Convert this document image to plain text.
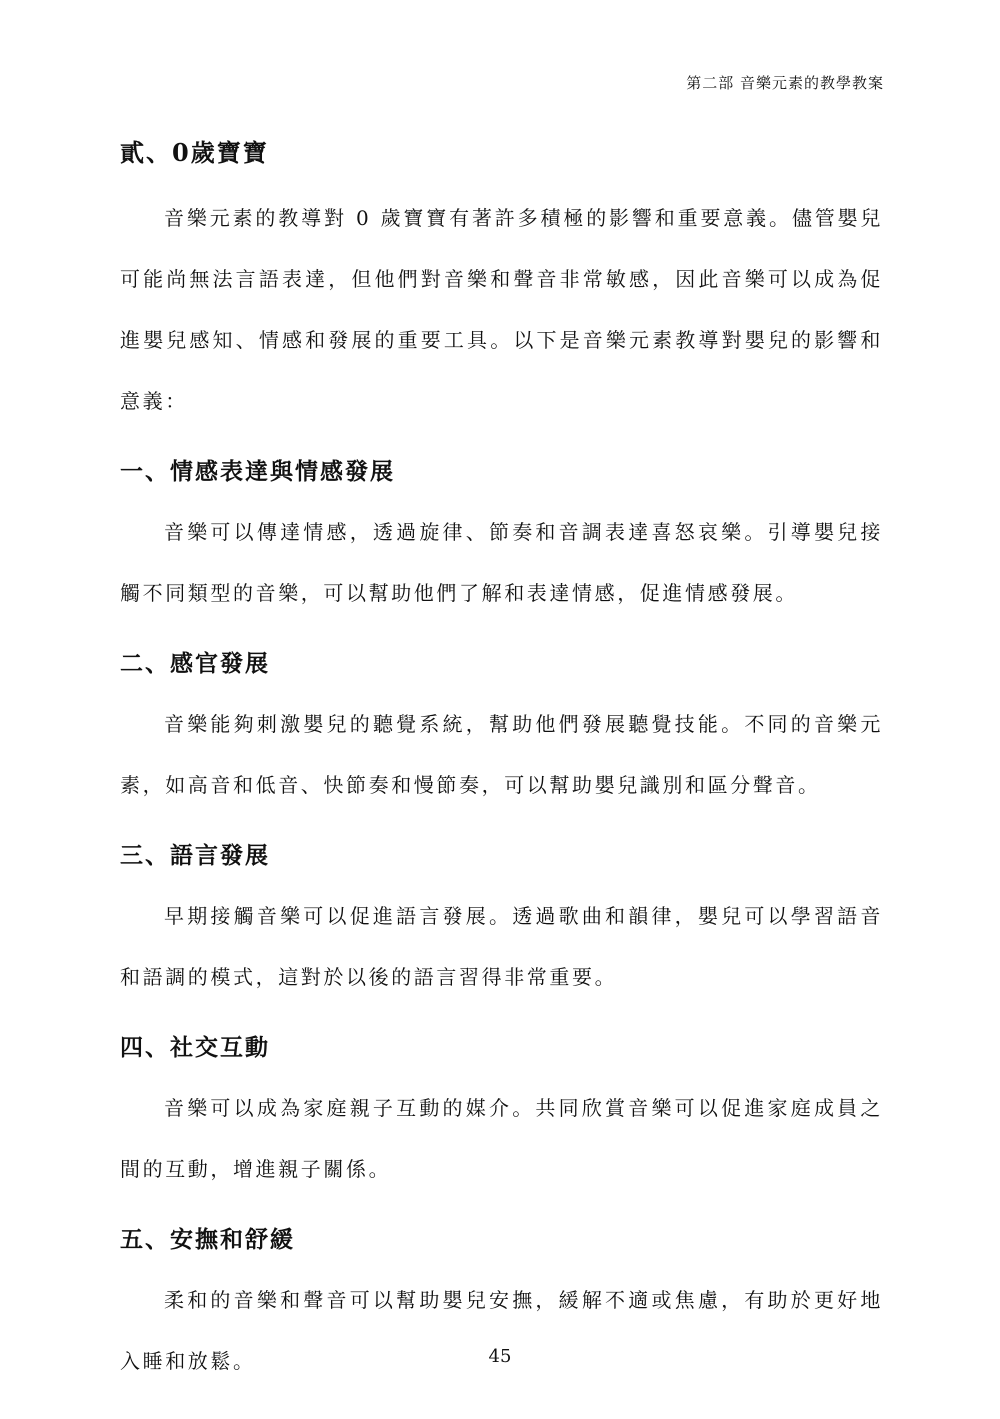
第二部 音樂元素的教學教案
貳、0歲寶寶

音樂元素的教導對 0 歲寶寶有著許多積極的影響和重要意義。儘管嬰兒可能尚無法言語表達，但他們對音樂和聲音非常敏感，因此音樂可以成為促進嬰兒感知、情感和發展的重要工具。以下是音樂元素教導對嬰兒的影響和意義：

一、情感表達與情感發展

音樂可以傳達情感，透過旋律、節奏和音調表達喜怒哀樂。引導嬰兒接觸不同類型的音樂，可以幫助他們了解和表達情感，促進情感發展。

二、感官發展

音樂能夠刺激嬰兒的聽覺系統，幫助他們發展聽覺技能。不同的音樂元素，如高音和低音、快節奏和慢節奏，可以幫助嬰兒識別和區分聲音。

三、語言發展

早期接觸音樂可以促進語言發展。透過歌曲和韻律，嬰兒可以學習語音和語調的模式，這對於以後的語言習得非常重要。

四、社交互動

音樂可以成為家庭親子互動的媒介。共同欣賞音樂可以促進家庭成員之間的互動，增進親子關係。

五、安撫和舒緩

柔和的音樂和聲音可以幫助嬰兒安撫，緩解不適或焦慮，有助於更好地入睡和放鬆。	45
